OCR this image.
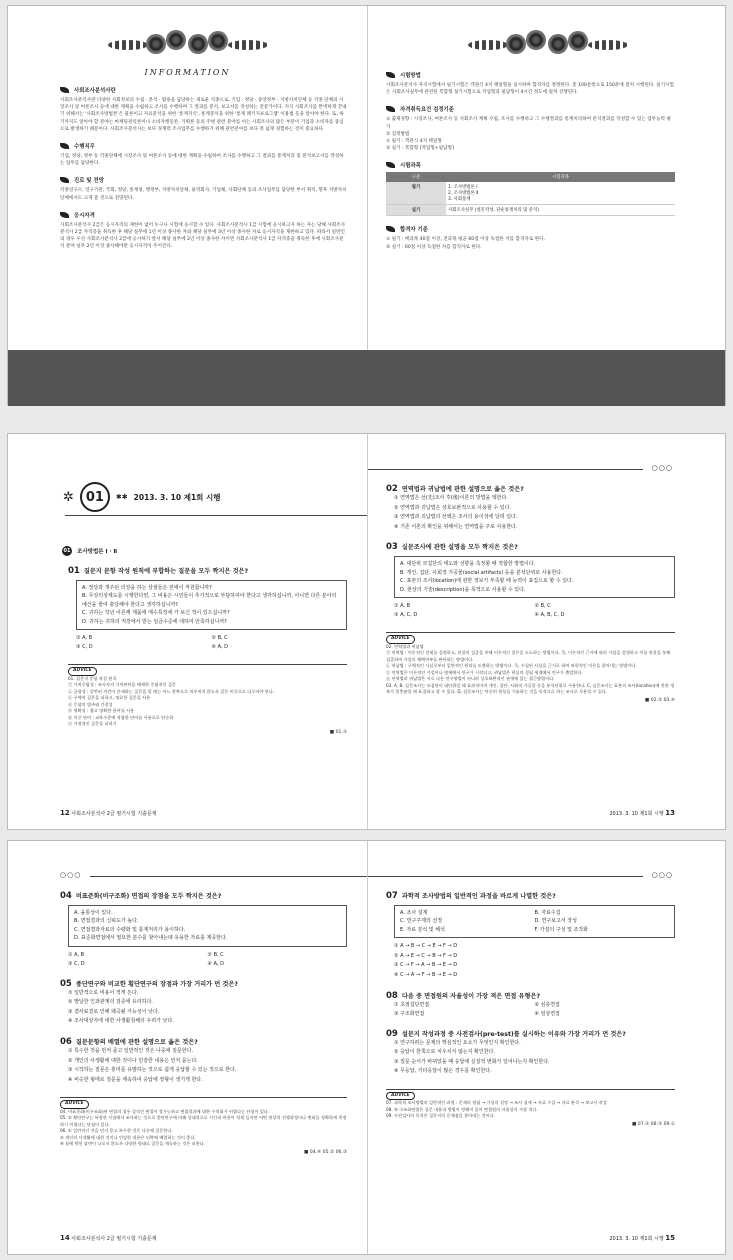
INFORMATION
사회조사분석사란
사회조사분석사란 다양한 사회정보의 수집 · 분석 · 활용을 담당하는 새로운 직종으로, 기업 · 정당 · 중앙정부 · 지방자치단체 등 각종 단체의 시장조사 및 여론조사 등에 대한 계획을 수립하고 조사를 수행하며 그 결과를 분석, 보고서를 작성하는 전문가이다. 지식 사회조사를 완벽하게 끝내기 위해서는 '사회조사방법론'은 물론이고 자료분석을 위한 '통계지식', 통계분석을 위한 '통계 패키지프로그램' 이용법 등을 알아야 한다. 또, 하기까지도 알아야 할 분야는 마케팅관리론이나 소비자행동론, 기획론 등의 주변 관련 분야를 아는 사회조사의 많은 부분이 기업과 소비자를 중심으로 발생하기 때문이다. 사회조사분석사는 보다 경쟁력 조사업무를 수행하기 위해 관련분야를 보다 폭 넓게 경험하는 것이 중요하다.
수행직무
기업, 정당, 정부 등 각종단체에 시장조사 및 여론조사 등에 대한 계획을 수립하여 조사를 수행하고 그 결과를 통계처리 및 분석보고서를 작성하는 업무를 담당한다.
진로 및 전망
각종연구소, 연구기관, 국회, 정당, 통계청, 행정부, 지방자치단체, 용역회사, 기업체, 사회단체 등의 조사업무를 담당한 부서 취직, 향후 지방자치단체에서도 크게 쓸 것으로 전망된다.
응시자격
사회조사분석사 2급은 응시자격의 제한이 없어 누구나 시험에 응시할 수 있다. 사회조사분석사 1급 시험에 응시하고자 하는 자는 당해 사회조사분석사 2급 자격증을 취득한 후 해당 실무에 1년 이상 종사한 자와 해당 실무에 3년 이상 종사한 자로 응시자격을 제한하고 있다. 따라서 일반인의 경우 우선 사회조사분석사 2급에 응시하기 앞서 해당 실무에 2년 이상 종사한 자이면 사회조사분석사 1급 자격증을 취득한 후에 사회조사분석 분야 실무 2년 이상 종사해야만 응시자격이 주어진다.
시험방법
사회조사분석사 자격시험에서 필기시험은 객관식 4지 택일형을 실시하며 합격자를 결정한다. 총 100문항으로 150분에 걸쳐 시행된다. 실기시험은 사회조사실무에 관련된 복합형 실기시험으로 작업형과 필답형이 4시간 정도에 걸쳐 진행된다.
자격취득요건 검정기준
① 출제경향 : 시장조사, 여론조사 등 사회조사 계획 수립, 조사를 수행하고 그 수행결과를 통계처리하여 분석결과를 작성할 수 있는 업무능력 평가
② 검정방법
① 필기 : 객관식 4지 택일형
② 실기 : 복합형 [작업형+필답형]
시험과목
구분	시험과목
필기	1. 조사방법론 Ⅰ
2. 조사방법론 Ⅱ
3. 사회통계

실기	사회조사실무 (설문작성, 단순통계처리 및 분석)
합격자 기준
① 필기 : 매과목 40점 이상, 전과목 평균 60점 이상 득점한 자를 합격자로 한다.
② 실기 : 60점 이상 득점한 자를 합격자로 한다.
✲ 01	✱✱ 2013. 3. 10 제1회 시행
01 조사방법론 Ⅰ · Ⅱ
01 질문지 문항 작성 원칙에 부합하는 질문을 모두 짝지은 것은?
A. 정당과 개주된 의상을 하는 상점들은 전에이 직원합니까?
B. 무상의상제도를 시행한다면, 그 비용은 시민들이 추가적으로 부담하여야 한다고 생각하십니까, 아니면 다른 분야의 예산을 줄여 충당해야 한다고 생각하십니까?
C. 귀하는 작년 어른께 제품에 매수특징에 가 보신 적이 있으십니까?
D. 귀하는 귀하의 직장에서 받는 임금수준에 대하여 만족하십니까?
① A, B	② B, C
③ C, D	④ A, D
ADVICE
01. 질문지 문항 작성 원칙
㉠ 가치중립성 : 조사자의 가치판단을 배제한 중립적인 질문
㉡ 균형성 : 상반된 의견이 존재하는 질문을 할 때는 어느 한쪽으로 치우치지 않도록 같은 비중으로 다루어야 한다.
㉢ 구체적 질문을 피하고, 명료한 질문을 사용
㉣ 응답의 범주와 간결성
㉤ 명확성 : 쉽고 명확한 용어를 사용
㉥ 이중 단어 : 교육수준에 적합한 단어를 사용으로 단순화
㉦ 가정적인 질문을 피하기
■ 01.③
12 사회조사분석사 2급 필기시험 기출문제
○○○
02 연역법과 귀납법에 관한 설명으로 옳은 것은?
① 연역법은 선(先)조사 후(後)이론의 방법을 택한다.
② 연역법과 귀납법은 상호보완적으로 사용할 수 있다.
③ 연역법과 귀납법의 선택은 조사의 용이성에 달려 있다.
④ 기존 이론의 확인을 위해서는 연역법을 주로 사용한다.
03 실문조사에 관한 설명을 모두 짝지은 것은?
A. 대단위 모집단의 태도와 성향을 측정할 때 적합한 방법이다.
B. 개인, 집단, 사회적 가공물(social artifacts) 등을 분석단위로 사용한다.
C. 표본의 조사(location)에 관한 정보가 부족할 때 능력이 표집으로 할 수 있다.
D. 현상의 기술(description)을 목적으로 사용할 수 있다.
① A, B	② B, C
③ A, C, D	④ A, B, C, D
ADVICE
02. 연역법과 귀납법
㉠ 연역법 : 이론적인 전제를 설정하고, 관찰의 검증을 통해 이론적인 결론을 도도하는 방법이다. 즉, 이론적인 근거에 따라 가설을 설정하고 이를 관찰을 통해 검증하여 가설의 채택여부를 판단하는 방법이다.
㉡ 귀납법 : 구체적인 사실로부터 일반적인 원리를 도출하는 방법이다. 즉, 수집된 사실을 근거로 하여 보편적인 이론을 찾아내는 방법이다.
㉢ 연역법은 이론적인 가설이나 명제에서 연구가 시작되고, 귀납법은 현실의 경험 세계에서 연구가 출발한다.
㉣ 연역법과 귀납법은 서로 다른 연구방법이 아니라 상호보완적인 관계에 있는 접근방법이다.
03. A, B, 실문조사는 모집단이 대단위일 때 효과적이며 개인, 집단, 사회적 가공물 등을 분석단위로 사용한다. C, 실문조사는 표본의 조사(location)에 관한 정보가 불충분할 때 표집하고 할 수 있다. D, 설문조사는 단순히 현상을 기술하는 것을 목적으로 하는 조사로 사용할 수 있다.
■ 02.② 03.④
2013. 3. 10 제1회 시행 13
○○○
04 비표준화(비구조화) 면접의 장점을 모두 짝지은 것은?
A. 융통성이 있다.
B. 면접결과의 신뢰도가 높다.
C. 면접결과자료의 수량화 및 통계처리가 용이하다.
D. 표준화면접에서 필요한 분수를 찾아내는데 유용한 자료를 제공한다.
① A, B	② B, C
③ C, D	④ A, D
05 종단연구와 비교한 횡단연구의 장점과 가장 거리가 먼 것은?
① 일반적으로 비용이 적게 든다.
② 발달한 인과관계의 검증에 유리하다.
③ 결사료결로 인해 왜곡될 가능성이 낮다.
④ 조사대상자에 대한 사생활침해의 우려가 낮다.
06 질문문항의 배열에 관한 설명으로 옳은 것은?
① 특수한 것을 먼저 묻고 일반적인 것은 나중에 질문한다.
② 개인의 사생활에 대한 것이나 민감한 내용은 먼저 묻는다.
③ 시작하는 질문은 흥미를 유발하는 것으로 쉽게 응답할 수 있는 것으로 한다.
④ 비슷한 형태로 질문을 계속하여 응답에 정형이 생기게 한다.
ADVICE
04. 비표준화(비구조화)된 면접의 경우 질적인 면접이 불가능하고 면접결과에 대한 수치화가 어렵다는 단점이 있다.
05. ② 횡단연구는 특정한 시점에서 조사하는 것으로 종단연구에 비해 상대적으로 시간과 비용이 적게 들지만 어떤 현상의 진행과정이나 변화를 정확하게 측정하기 어렵다는 단점이 있다.
06. ① 일반적인 것을 먼저 묻고 특수한 것은 나중에 질문한다.
② 개인의 사생활에 대한 것이나 민감한 내용은 뒤쪽에 배열하는 것이 좋다.
④ 틀에 박힌 답변이 나오지 않도록 다양한 형태로 질문을 계속하는 것은 피한다.
■ 04.④ 05.② 06.③
14 사회조사분석사 2급 필기시험 기출문제
○○○
07 과학적 조사방법의 일반적인 과정을 바르게 나열한 것은?
A. 조사 설계	B. 자료수집
C. 연구주제의 선정	D. 연구보고서 작성
E. 자료 분석 및 해석	F. 가설의 구성 및 조작화
① A → B → C → E → F → D
② A → E → C → B → F → D
③ C → F → A → B → E → D
④ C → A → F → B → E → D
08 다음 중 면접원의 자율성이 가장 적은 면접 유형은?
① 초점집단면접	② 심층면접
③ 구조화면접	④ 임상면접
09 설문지 작성과정 중 사전검사(pre-test)를 실시하는 이유와 가장 거리가 먼 것은?
① 연구하려는 문제의 핵심적인 요소가 무엇인지 확인한다.
② 응답이 한쪽으로 치우치지 않는지 확인한다.
③ 질문 순서가 바뀌었을 때 응답에 실질적 변화가 일어나는지 확인한다.
④ 무응답, 기타응답이 많은 경우를 확인한다.
ADVICE
07. 과학적 조사방법의 일반적인 과정 : 문제의 정립 → 가설의 설정 → 조사 설계 → 자료 수집 → 자료 분석 → 보고서 작성
08. ③ 구조화면접은 질문 내용과 방법이 정해져 있어 면접원의 자율성이 가장 적다.
09. 사전검사의 목적은 질문지의 문제점을 찾아내는 것이다.
■ 07.③ 08.③ 09.①
2013. 3. 10 제1회 시행 15
